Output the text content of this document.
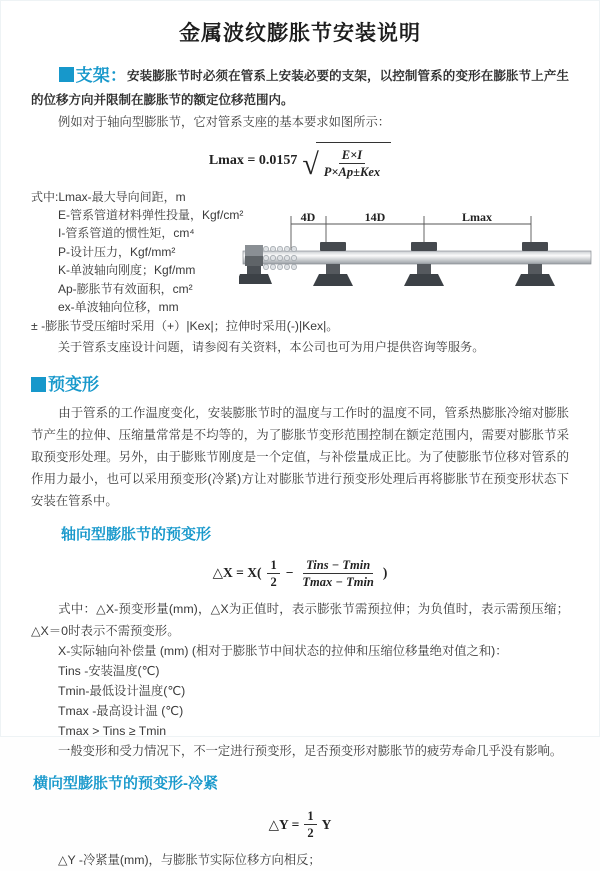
金属波纹膨胀节安装说明

支架：安装膨胀节时必须在管系上安装必要的支架，以控制管系的变形在膨胀节上产生的位移方向并限制在膨胀节的额定位移范围内。

例如对于轴向型膨胀节，它对管系支座的基本要求如图所示：

Lmax = 0.0157 √ $\frac{E\times I}{\text{P×Ap±Kex}}$
式中:Lmax-最大导向间距，m
E-管系管道材料弹性投量，Kgf/cm²
I-管系管道的惯性矩，cm⁴
P-设计压力，Kgf/mm²
K-单波轴向刚度；Kgf/mm
Ap-膨胀节有效面积，cm²
ex-单波轴向位移，mm
4D	14D	Lmax

± -膨胀节受压缩时采用（+）|Kex|；拉伸时采用(-)|Kex|。

关于管系支座设计问题，请参阅有关资料，本公司也可为用户提供咨询等服务。

预变形

由于管系的工作温度变化，安装膨胀节时的温度与工作时的温度不同，管系热膨胀冷缩对膨胀节产生的拉伸、压缩量常常是不均等的，为了膨胀节变形范围控制在额定范围内，需要对膨胀节采取预变形处理。另外，由于膨账节刚度是一个定值，与补偿量成正比。为了使膨胀节位移对管系的作用力最小，也可以采用预变形(冷紧)方让对膨胀节进行预变形处理后再将膨胀节在预变形状态下安装在管系中。

轴向型膨胀节的预变形
△X = $X( \frac{1}{2} - \frac{\text{Tins − Tmin}}{Tmax - Tmin}$ )

式中：△X-预变形量(mm)，△X为正值时，表示膨张节需预拉伸；为负值时，表示需预压缩；△X＝0时表示不需预变形。

X-实际轴向补偿量 (mm) (相对于膨胀节中间状态的拉伸和压缩位移量绝对值之和)：

Tins -安装温度(℃)

Tmin-最低设计温度(℃)

Tmax -最高设计温 (℃)

Tmax > Tins ≥ Tmin

一般变形和受力情况下，不一定进行预变形，足否预变形对膨胀节的疲劳寿命几乎没有影响。

横向型膨胀节的预变形-冷紧
△Y = $\frac{1}{2}$ Y

△Y -冷紧量(mm)，与膨胀节实际位移方向相反；
